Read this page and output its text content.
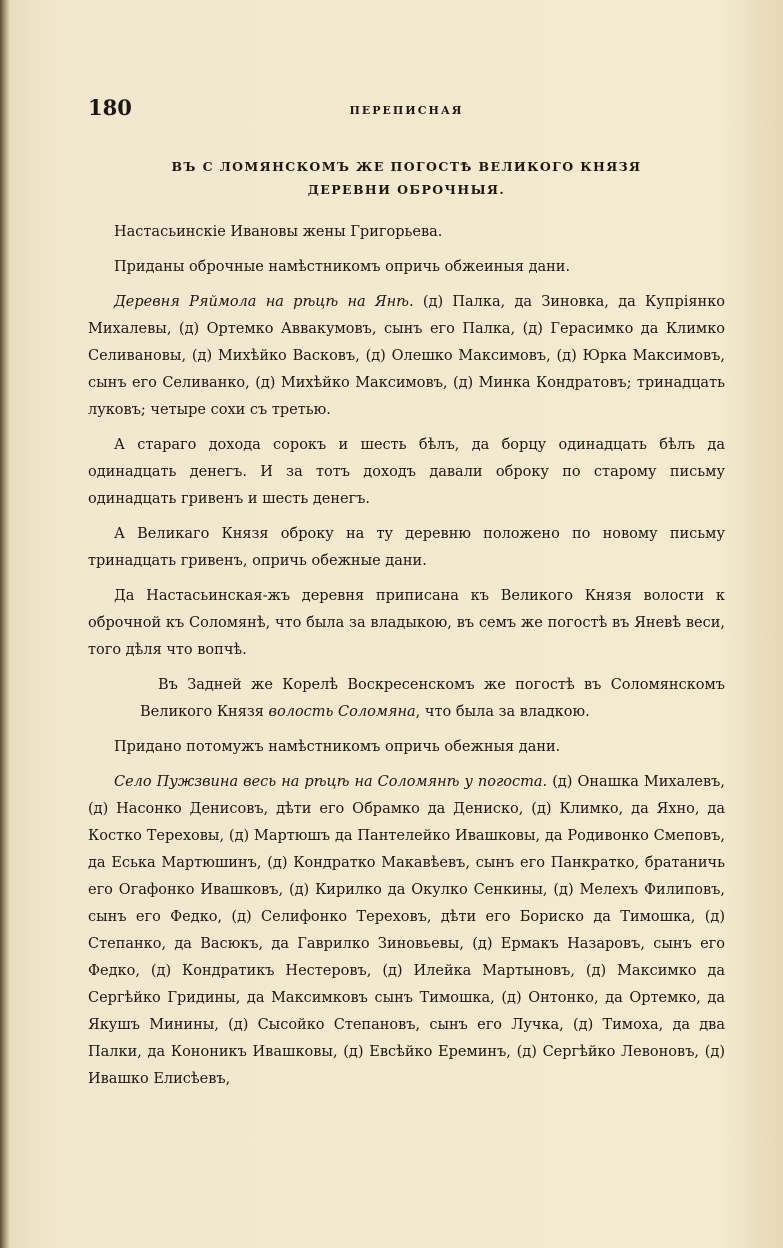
180	ПЕРЕПИСНАЯ
ВЪ С ЛОМЯНСКОМЪ ЖЕ ПОГОСТѢ ВЕЛИКОГО КНЯЗЯ
ДЕРЕВНИ ОБРОЧНЫЯ.

Настасьинскіе Ивановы жены Григорьева.

Приданы оброчные намѣстникомъ опричь обжеиныя дани.

Деревня Ряймола на рѣцѣ на Янѣ. (д) Палка, да Зиновка, да Купріянко Михалевы, (д) Ортемко Аввакумовъ, сынъ его Палка, (д) Герасимко да Климко Селивановы, (д) Михѣйко Васковъ, (д) Олешко Максимовъ, (д) Юрка Максимовъ, сынъ его Селиванко, (д) Михѣйко Максимовъ, (д) Минка Кондратовъ; тринадцать луковъ; четыре сохи съ третью.

А стараго дохода сорокъ и шесть бѣлъ, да борцу одинадцать бѣлъ да одинадцать денегъ. И за тотъ доходъ давали оброку по старому письму одинадцать гривенъ и шесть денегъ.

А Великаго Князя оброку на ту деревню положено по новому письму тринадцать гривенъ, опричь обежные дани.

Да Настасьинская-жъ деревня приписана къ Великого Князя волости к оброчной къ Соломянѣ, что была за владыкою, въ семъ же погостѣ въ Яневѣ веси, того дѣля что вопчѣ.

Въ Задней же Корелѣ Воскресенскомъ же погостѣ въ Соломянскомъ Великого Князя волость Соломяна, что была за владкою.

Придано потомужъ намѣстникомъ опричь обежныя дани.

Село Пужзвина весь на рѣцѣ на Соломянѣ у погоста. (д) Онашка Михалевъ, (д) Насонко Денисовъ, дѣти его Обрамко да Дениско, (д) Климко, да Яхно, да Костко Тереховы, (д) Мартюшъ да Пантелейко Ивашковы, да Родивонко Смеповъ, да Еська Мартюшинъ, (д) Кондратко Макавѣевъ, сынъ его Панкратко, братаничь его Огафонко Ивашковъ, (д) Кирилко да Окулко Сенкины, (д) Мелехъ Филиповъ, сынъ его Федко, (д) Селифонко Тереховъ, дѣти его Бориско да Тимошка, (д) Степанко, да Васюкъ, да Гаврилко Зиновьевы, (д) Ермакъ Назаровъ, сынъ его Федко, (д) Кондратикъ Нестеровъ, (д) Илейка Мартыновъ, (д) Максимко да Сергѣйко Гридины, да Максимковъ сынъ Тимошка, (д) Онтонко, да Ортемко, да Якушъ Минины, (д) Сысойко Степановъ, сынъ его Лучка, (д) Тимоха, да два Палки, да Кононикъ Ивашковы, (д) Евсѣйко Ереминъ, (д) Сергѣйко Левоновъ, (д) Ивашко Елисѣевъ,
